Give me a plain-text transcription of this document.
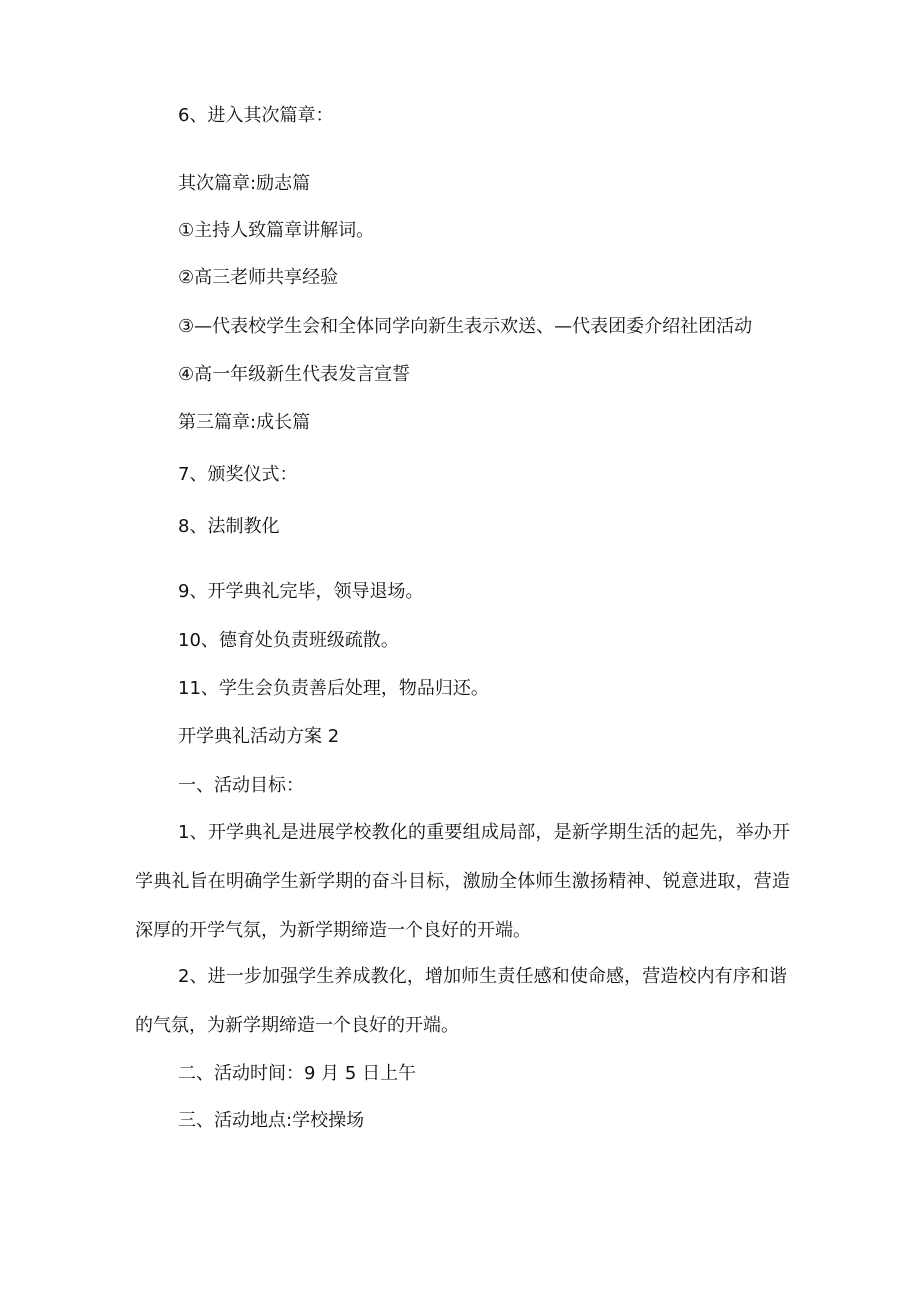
6、进入其次篇章：
其次篇章:励志篇
①主持人致篇章讲解词。
②高三老师共享经验
③—代表校学生会和全体同学向新生表示欢送、—代表团委介绍社团活动
④高一年级新生代表发言宣誓
第三篇章:成长篇
7、颁奖仪式：
8、法制教化
9、开学典礼完毕，领导退场。
10、德育处负责班级疏散。
11、学生会负责善后处理，物品归还。
开学典礼活动方案 2
一、活动目标：
1、开学典礼是进展学校教化的重要组成局部，是新学期生活的起先，举办开学典礼旨在明确学生新学期的奋斗目标，激励全体师生激扬精神、锐意进取，营造深厚的开学气氛，为新学期缔造一个良好的开端。
2、进一步加强学生养成教化，增加师生责任感和使命感，营造校内有序和谐的气氛，为新学期缔造一个良好的开端。
二、活动时间：9 月 5 日上午
三、活动地点:学校操场
